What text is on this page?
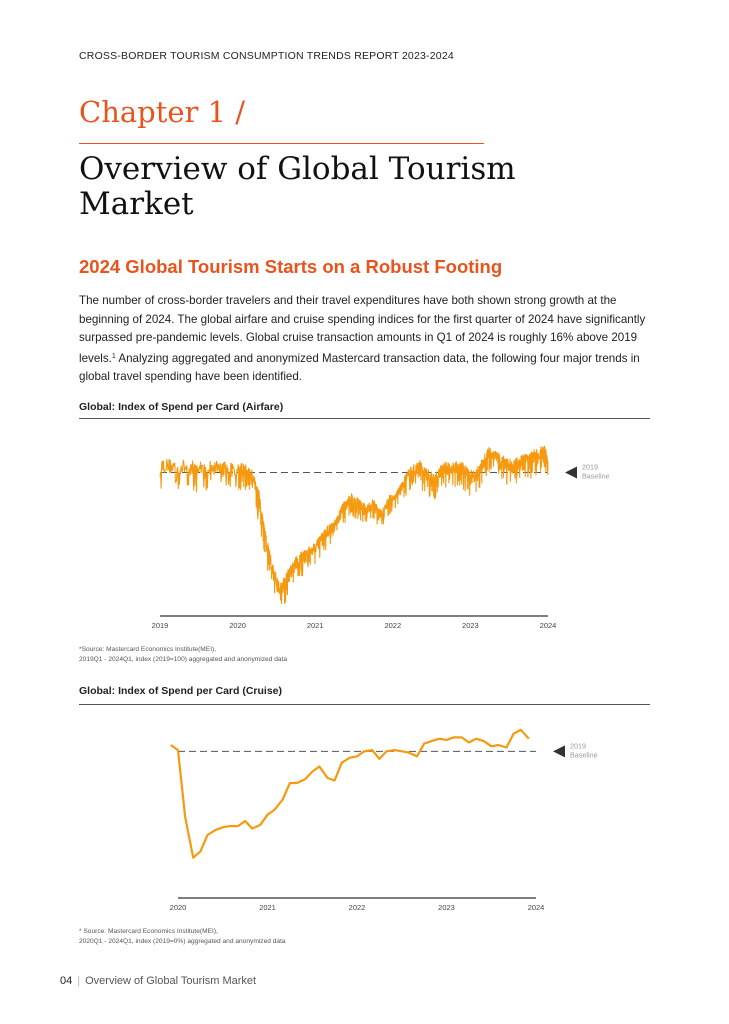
CROSS-BORDER TOURISM CONSUMPTION TRENDS REPORT 2023-2024
Chapter 1 /
Overview of Global Tourism Market
2024 Global Tourism Starts on a Robust Footing
The number of cross-border travelers and their travel expenditures have both shown strong growth at the beginning of 2024. The global airfare and cruise spending indices for the first quarter of 2024 have significantly surpassed pre-pandemic levels. Global cruise transaction amounts in Q1 of 2024 is roughly 16% above 2019 levels.$^1$ Analyzing aggregated and anonymized Mastercard transaction data, the following four major trends in global travel spending have been identified.
Global: Index of Spend per Card (Airfare)
2019	2020	2021	2022	2023	2024
2019
Baseline
*Source: Mastercard Economics Institute(MEI),
2019Q1 - 2024Q1, index (2019=100) aggregated and anonymized data
Global: Index of Spend per Card (Cruise)
2020	2021	2022	2023	2024
2019
Baseline
* Source: Mastercard Economics Institute(MEI),
2020Q1 - 2024Q1, index (2019=0%) aggregated and anonymized data
04 | Overview of Global Tourism Market
